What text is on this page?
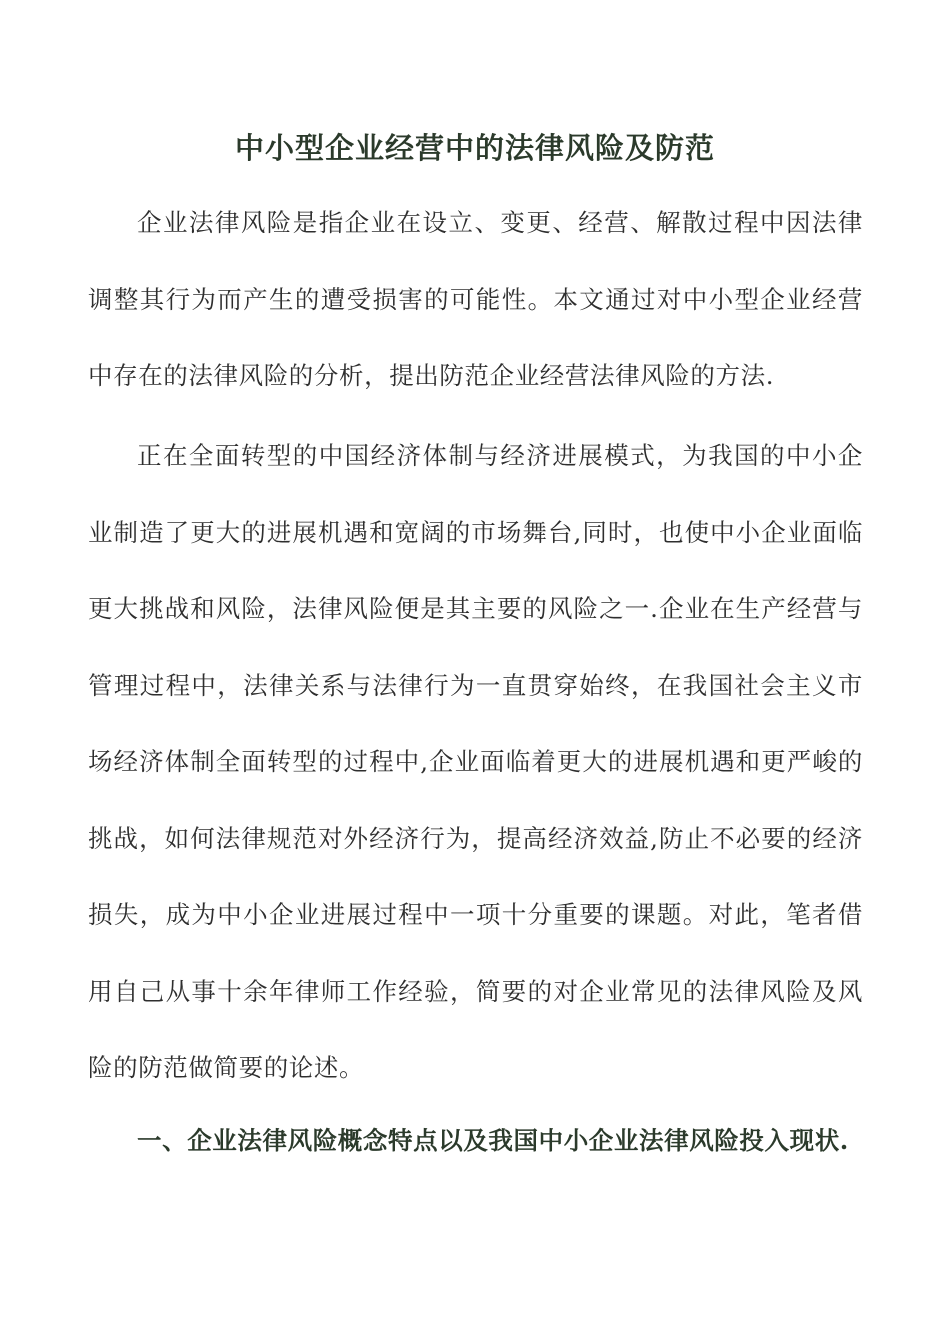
中小型企业经营中的法律风险及防范

企业法律风险是指企业在设立、变更、经营、解散过程中因法律调整其行为而产生的遭受损害的可能性。本文通过对中小型企业经营中存在的法律风险的分析，提出防范企业经营法律风险的方法.

正在全面转型的中国经济体制与经济进展模式，为我国的中小企业制造了更大的进展机遇和宽阔的市场舞台,同时，也使中小企业面临更大挑战和风险，法律风险便是其主要的风险之一.企业在生产经营与管理过程中，法律关系与法律行为一直贯穿始终，在我国社会主义市场经济体制全面转型的过程中,企业面临着更大的进展机遇和更严峻的挑战，如何法律规范对外经济行为，提高经济效益,防止不必要的经济损失，成为中小企业进展过程中一项十分重要的课题。对此，笔者借用自己从事十余年律师工作经验，简要的对企业常见的法律风险及风险的防范做简要的论述。

一、企业法律风险概念特点以及我国中小企业法律风险投入现状.
